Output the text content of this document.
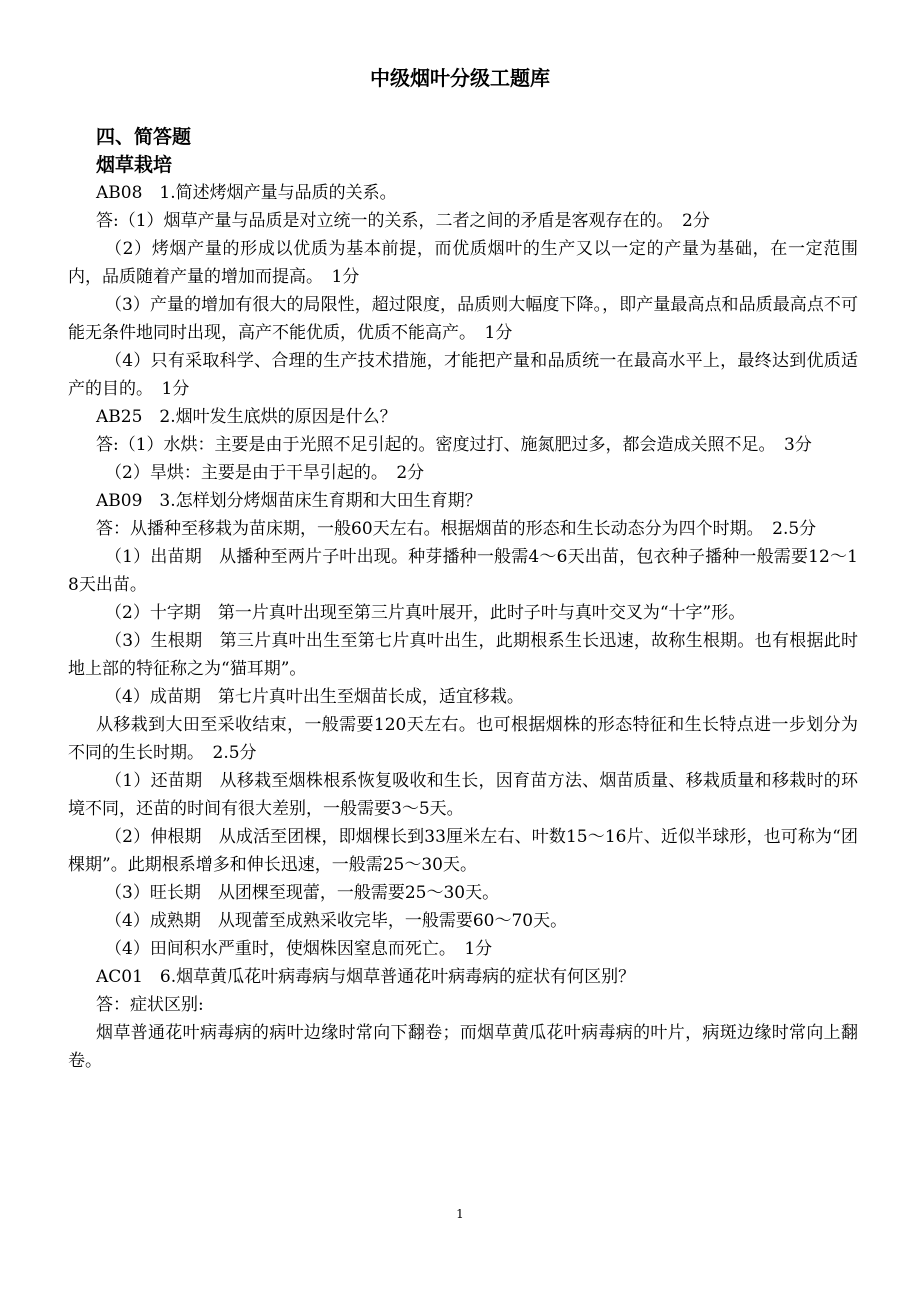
中级烟叶分级工题库
四、简答题
烟草栽培
AB08　1.简述烤烟产量与品质的关系。
答:（1）烟草产量与品质是对立统一的关系，二者之间的矛盾是客观存在的。　2分
（2）烤烟产量的形成以优质为基本前提，而优质烟叶的生产又以一定的产量为基础，在一定范围内，品质随着产量的增加而提高。　1分
（3）产量的增加有很大的局限性，超过限度，品质则大幅度下降。，即产量最高点和品质最高点不可能无条件地同时出现，高产不能优质，优质不能高产。　1分
（4）只有采取科学、合理的生产技术措施，才能把产量和品质统一在最高水平上，最终达到优质适产的目的。　1分
AB25　2.烟叶发生底烘的原因是什么？
答:（1）水烘：主要是由于光照不足引起的。密度过打、施氮肥过多，都会造成关照不足。　3分
（2）旱烘：主要是由于干旱引起的。　2分
AB09　3.怎样划分烤烟苗床生育期和大田生育期？
答：从播种至移栽为苗床期，一般60天左右。根据烟苗的形态和生长动态分为四个时期。　2.5分
（1）出苗期　从播种至两片子叶出现。种芽播种一般需4～6天出苗，包衣种子播种一般需要12～18天出苗。
（2）十字期　第一片真叶出现至第三片真叶展开，此时子叶与真叶交叉为“十字”形。
（3）生根期　第三片真叶出生至第七片真叶出生，此期根系生长迅速，故称生根期。也有根据此时地上部的特征称之为“猫耳期”。
（4）成苗期　第七片真叶出生至烟苗长成，适宜移栽。
从移栽到大田至采收结束，一般需要120天左右。也可根据烟株的形态特征和生长特点进一步划分为不同的生长时期。　2.5分
（1）还苗期　从移栽至烟株根系恢复吸收和生长，因育苗方法、烟苗质量、移栽质量和移栽时的环境不同，还苗的时间有很大差别，一般需要3～5天。
（2）伸根期　从成活至团棵，即烟棵长到33厘米左右、叶数15～16片、近似半球形，也可称为“团棵期”。此期根系增多和伸长迅速，一般需25～30天。
（3）旺长期　从团棵至现蕾，一般需要25～30天。
（4）成熟期　从现蕾至成熟采收完毕，一般需要60～70天。
（4）田间积水严重时，使烟株因窒息而死亡。　1分
AC01　6.烟草黄瓜花叶病毒病与烟草普通花叶病毒病的症状有何区别？
答：症状区别:
烟草普通花叶病毒病的病叶边缘时常向下翻卷；而烟草黄瓜花叶病毒病的叶片，病斑边缘时常向上翻卷。
1
